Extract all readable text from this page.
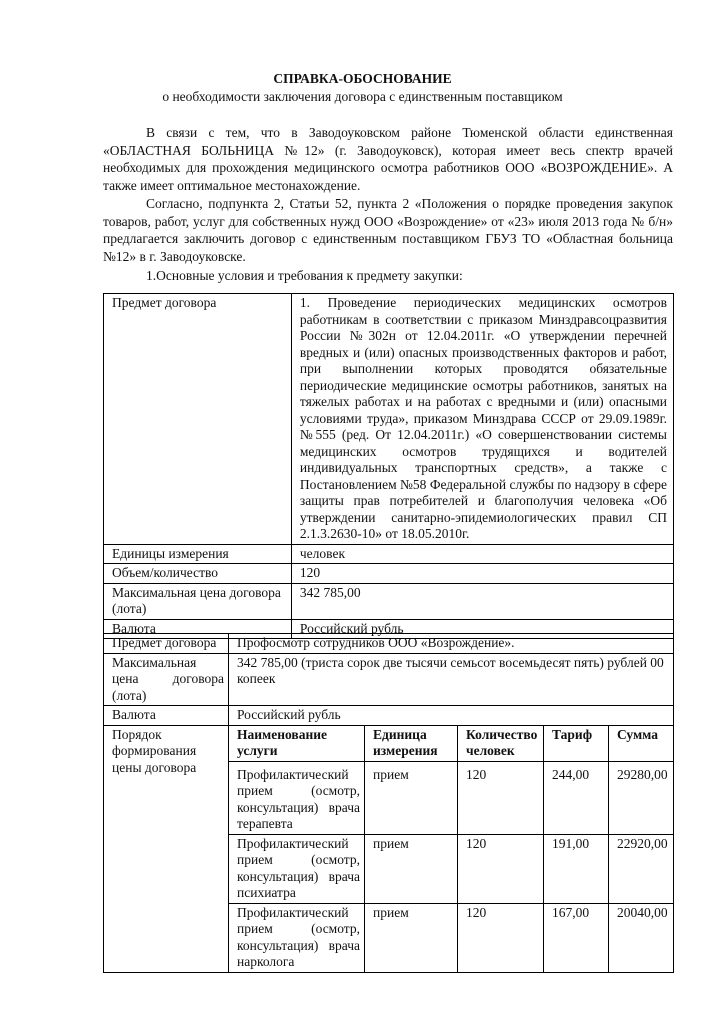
СПРАВКА-ОБОСНОВАНИЕ
о необходимости заключения договора с единственным поставщиком
В связи с тем, что в Заводоуковском районе Тюменской области единственная «ОБЛАСТНАЯ БОЛЬНИЦА №12» (г. Заводоуковск), которая имеет весь спектр врачей необходимых для прохождения медицинского осмотра работников ООО «ВОЗРОЖДЕНИЕ». А также имеет оптимальное местонахождение.
Согласно, подпункта 2, Статьи 52, пункта 2 «Положения о порядке проведения закупок товаров, работ, услуг для собственных нужд ООО «Возрождение» от «23» июля 2013 года № б/н» предлагается заключить договор с единственным поставщиком ГБУЗ ТО «Областная больница №12» в г. Заводоуковске.
1.Основные условия и требования к предмету закупки:
Предмет договора	1. Проведение периодических медицинских осмотров работникам в соответствии с приказом Минздравсоцразвития России №302н от 12.04.2011г. «О утверждении перечней вредных и (или) опасных производственных факторов и работ, при выполнении которых проводятся обязательные периодические медицинские осмотры работников, занятых на тяжелых работах и на работах с вредными и (или) опасными условиями труда», приказом Минздрава СССР от 29.09.1989г. №555 (ред. От 12.04.2011г.) «О совершенствовании системы медицинских осмотров трудящихся и водителей индивидуальных транспортных средств», а также с Постановлением №58 Федеральной службы по надзору в сфере защиты прав потребителей и благополучия человека «Об утверждении санитарно-эпидемиологических правил СП 2.1.3.2630-10» от 18.05.2010г.
Единицы измерения	человек
Объем/количество	120
Максимальная цена договора (лота)	342 785,00
Валюта	Российский рубль
Предмет договора	Профосмотр сотрудников ООО «Возрождение».				
Максимальная цена договора (лота)	342 785,00 (триста сорок две тысячи семьсот восемьдесят пять) рублей 00 копеек				
Валюта	Российский рубль				
Порядок формирования цены договора	Наименование услуги	Единица измерения	Количество человек	Тариф	Сумма
	Профилактический прием (осмотр, консультация) врача терапевта	прием	120	244,00	29280,00
	Профилактический прием (осмотр, консультация) врача психиатра	прием	120	191,00	22920,00
	Профилактический прием (осмотр, консультация) врача нарколога	прием	120	167,00	20040,00
